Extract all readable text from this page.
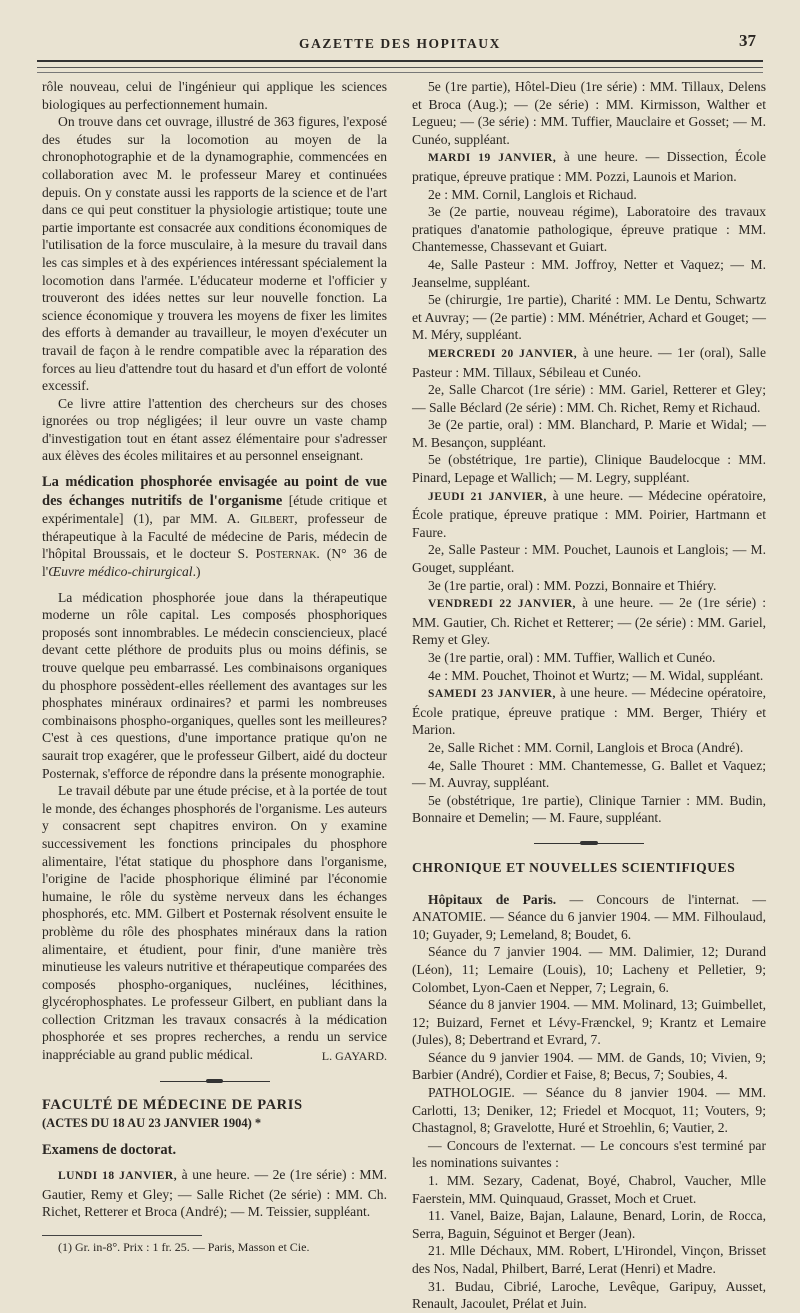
GAZETTE DES HOPITAUX	37

rôle nouveau, celui de l'ingénieur qui applique les sciences biologiques au perfectionnement humain.

On trouve dans cet ouvrage, illustré de 363 figures, l'exposé des études sur la locomotion au moyen de la chronophotographie et de la dynamographie, commencées en collaboration avec M. le professeur Marey et continuées depuis. On y constate aussi les rapports de la science et de l'art dans ce qui peut constituer la physiologie artistique; toute une partie importante est consacrée aux conditions économiques de l'utilisation de la force musculaire, à la mesure du travail dans les cas simples et à des expériences intéressant spécialement la locomotion dans l'armée. L'éducateur moderne et l'officier y trouveront des idées nettes sur leur nouvelle fonction. La science économique y trouvera les moyens de fixer les limites des efforts à demander au travailleur, le moyen d'exécuter un travail de façon à le rendre compatible avec la réparation des forces au lieu d'attendre tout du hasard et d'un effort de volonté excessif.

Ce livre attire l'attention des chercheurs sur des choses ignorées ou trop négligées; il leur ouvre un vaste champ d'investigation tout en étant assez élémentaire pour s'adresser aux élèves des écoles militaires et au personnel enseignant.

La médication phosphorée envisagée au point de vue des échanges nutritifs de l'organisme [étude critique et expérimentale] (1), par MM. A. Gilbert, professeur de thérapeutique à la Faculté de médecine de Paris, médecin de l'hôpital Broussais, et le docteur S. Posternak. (N° 36 de l'Œuvre médico-chirurgical.)

La médication phosphorée joue dans la thérapeutique moderne un rôle capital. Les composés phosphoriques proposés sont innombrables. Le médecin consciencieux, placé devant cette pléthore de produits plus ou moins définis, se trouve quelque peu embarrassé. Les combinaisons organiques du phosphore possèdent-elles réellement des avantages sur les phosphates minéraux ordinaires? et parmi les nombreuses combinaisons phospho-organiques, quelles sont les meilleures? C'est à ces questions, d'une importance pratique qu'on ne saurait trop exagérer, que le professeur Gilbert, aidé du docteur Posternak, s'efforce de répondre dans la présente monographie.

Le travail débute par une étude précise, et à la portée de tout le monde, des échanges phosphorés de l'organisme. Les auteurs y consacrent sept chapitres environ. On y examine successivement les fonctions principales du phosphore alimentaire, l'état statique du phosphore dans l'organisme, l'origine de l'acide phosphorique éliminé par l'économie humaine, le rôle du système nerveux dans les échanges phosphorés, etc. MM. Gilbert et Posternak résolvent ensuite le problème du rôle des phosphates minéraux dans la ration alimentaire, et étudient, pour finir, d'une manière très minutieuse les valeurs nutritive et thérapeutique comparées des composés phospho-organiques, nucléines, lécithines, glycérophosphates. Le professeur Gilbert, en publiant dans la collection Critzman les travaux consacrés à la médication phosphorée et ses propres recherches, a rendu un service inappréciable au grand public médical.	L. GAYARD.

FACULTÉ DE MÉDECINE DE PARIS

(ACTES DU 18 AU 23 JANVIER 1904) *

Examens de doctorat.

LUNDI 18 JANVIER, à une heure. — 2e (1re série) : MM. Gautier, Remy et Gley; — Salle Richet (2e série) : MM. Ch. Richet, Retterer et Broca (André); — M. Teissier, suppléant.

(1) Gr. in-8°. Prix : 1 fr. 25. — Paris, Masson et Cie.

5e (1re partie), Hôtel-Dieu (1re série) : MM. Tillaux, Delens et Broca (Aug.); — (2e série) : MM. Kirmisson, Walther et Legueu; — (3e série) : MM. Tuffier, Mauclaire et Gosset; — M. Cunéo, suppléant.

MARDI 19 JANVIER, à une heure. — Dissection, École pratique, épreuve pratique : MM. Pozzi, Launois et Marion.

2e : MM. Cornil, Langlois et Richaud.

3e (2e partie, nouveau régime), Laboratoire des travaux pratiques d'anatomie pathologique, épreuve pratique : MM. Chantemesse, Chassevant et Guiart.

4e, Salle Pasteur : MM. Joffroy, Netter et Vaquez; — M. Jeanselme, suppléant.

5e (chirurgie, 1re partie), Charité : MM. Le Dentu, Schwartz et Auvray; — (2e partie) : MM. Ménétrier, Achard et Gouget; — M. Méry, suppléant.

MERCREDI 20 JANVIER, à une heure. — 1er (oral), Salle Pasteur : MM. Tillaux, Sébileau et Cunéo.

2e, Salle Charcot (1re série) : MM. Gariel, Retterer et Gley; — Salle Béclard (2e série) : MM. Ch. Richet, Remy et Richaud.

3e (2e partie, oral) : MM. Blanchard, P. Marie et Widal; — M. Besançon, suppléant.

5e (obstétrique, 1re partie), Clinique Baudelocque : MM. Pinard, Lepage et Wallich; — M. Legry, suppléant.

JEUDI 21 JANVIER, à une heure. — Médecine opératoire, École pratique, épreuve pratique : MM. Poirier, Hartmann et Faure.

2e, Salle Pasteur : MM. Pouchet, Launois et Langlois; — M. Gouget, suppléant.

3e (1re partie, oral) : MM. Pozzi, Bonnaire et Thiéry.

VENDREDI 22 JANVIER, à une heure. — 2e (1re série) : MM. Gautier, Ch. Richet et Retterer; — (2e série) : MM. Gariel, Remy et Gley.

3e (1re partie, oral) : MM. Tuffier, Wallich et Cunéo.

4e : MM. Pouchet, Thoinot et Wurtz; — M. Widal, suppléant.

SAMEDI 23 JANVIER, à une heure. — Médecine opératoire, École pratique, épreuve pratique : MM. Berger, Thiéry et Marion.

2e, Salle Richet : MM. Cornil, Langlois et Broca (André).

4e, Salle Thouret : MM. Chantemesse, G. Ballet et Vaquez; — M. Auvray, suppléant.

5e (obstétrique, 1re partie), Clinique Tarnier : MM. Budin, Bonnaire et Demelin; — M. Faure, suppléant.

CHRONIQUE ET NOUVELLES SCIENTIFIQUES

Hôpitaux de Paris. — Concours de l'internat. — ANATOMIE. — Séance du 6 janvier 1904. — MM. Filhoulaud, 10; Guyader, 9; Lemeland, 8; Boudet, 6.

Séance du 7 janvier 1904. — MM. Dalimier, 12; Durand (Léon), 11; Lemaire (Louis), 10; Lacheny et Pelletier, 9; Colombet, Lyon-Caen et Nepper, 7; Legrain, 6.

Séance du 8 janvier 1904. — MM. Molinard, 13; Guimbellet, 12; Buizard, Fernet et Lévy-Frænckel, 9; Krantz et Lemaire (Jules), 8; Debertrand et Evrard, 7.

Séance du 9 janvier 1904. — MM. de Gands, 10; Vivien, 9; Barbier (André), Cordier et Faise, 8; Becus, 7; Soubies, 4.

PATHOLOGIE. — Séance du 8 janvier 1904. — MM. Carlotti, 13; Deniker, 12; Friedel et Mocquot, 11; Vouters, 9; Chastagnol, 8; Gravelotte, Huré et Stroehlin, 6; Vautier, 2.

— Concours de l'externat. — Le concours s'est terminé par les nominations suivantes :

1. MM. Sezary, Cadenat, Boyé, Chabrol, Vaucher, Mlle Faerstein, MM. Quinquaud, Grasset, Moch et Cruet.

11. Vanel, Baize, Bajan, Lalaune, Benard, Lorin, de Rocca, Serra, Baguin, Séguinot et Berger (Jean).

21. Mlle Déchaux, MM. Robert, L'Hirondel, Vinçon, Brisset des Nos, Nadal, Philbert, Barré, Lerat (Henri) et Madre.

31. Budau, Cibrié, Laroche, Levêque, Garipuy, Ausset, Renault, Jacoulet, Prélat et Juin.
